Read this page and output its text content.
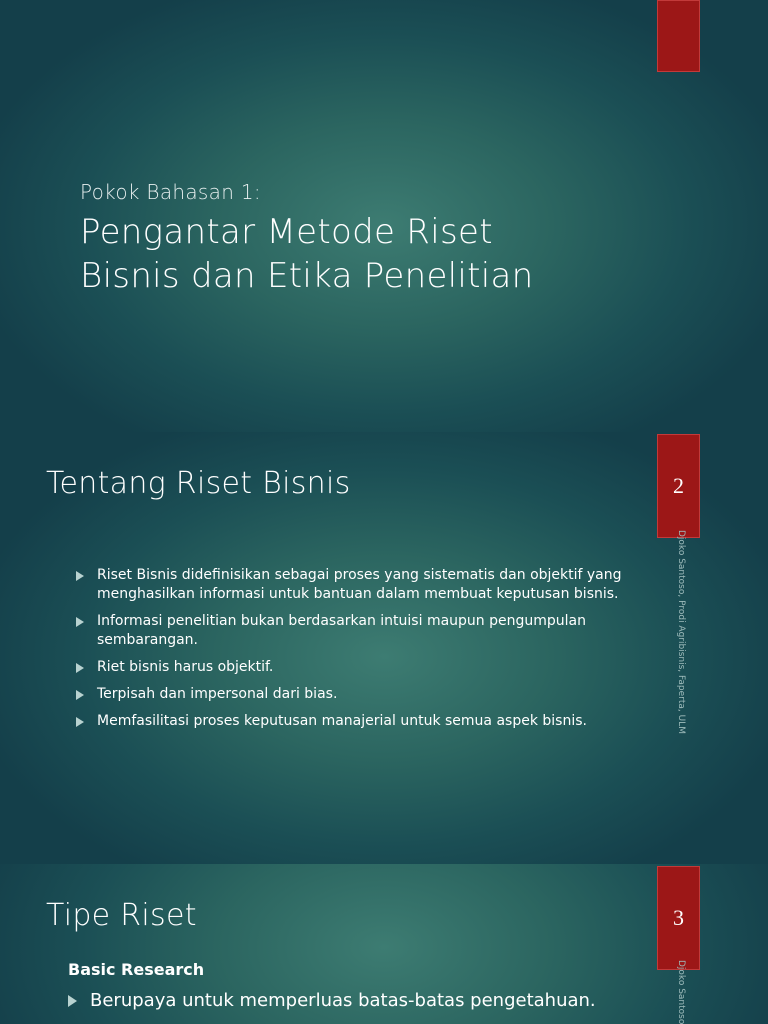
Pokok Bahasan 1:
Pengantar Metode Riset Bisnis dan Etika Penelitian
2
Tentang Riset Bisnis
Djoko Santoso, Prodi Agribisnis, Faperta, ULM
Riset Bisnis didefinisikan sebagai proses yang sistematis dan objektif yang menghasilkan informasi untuk bantuan dalam membuat keputusan bisnis.
Informasi penelitian bukan berdasarkan intuisi maupun pengumpulan sembarangan.
Riet bisnis harus objektif.
Terpisah dan impersonal dari bias.
Memfasilitasi proses keputusan manajerial untuk semua aspek bisnis.
3
Tipe Riset
Djoko Santoso
Basic Research
Berupaya untuk memperluas batas-batas pengetahuan.
